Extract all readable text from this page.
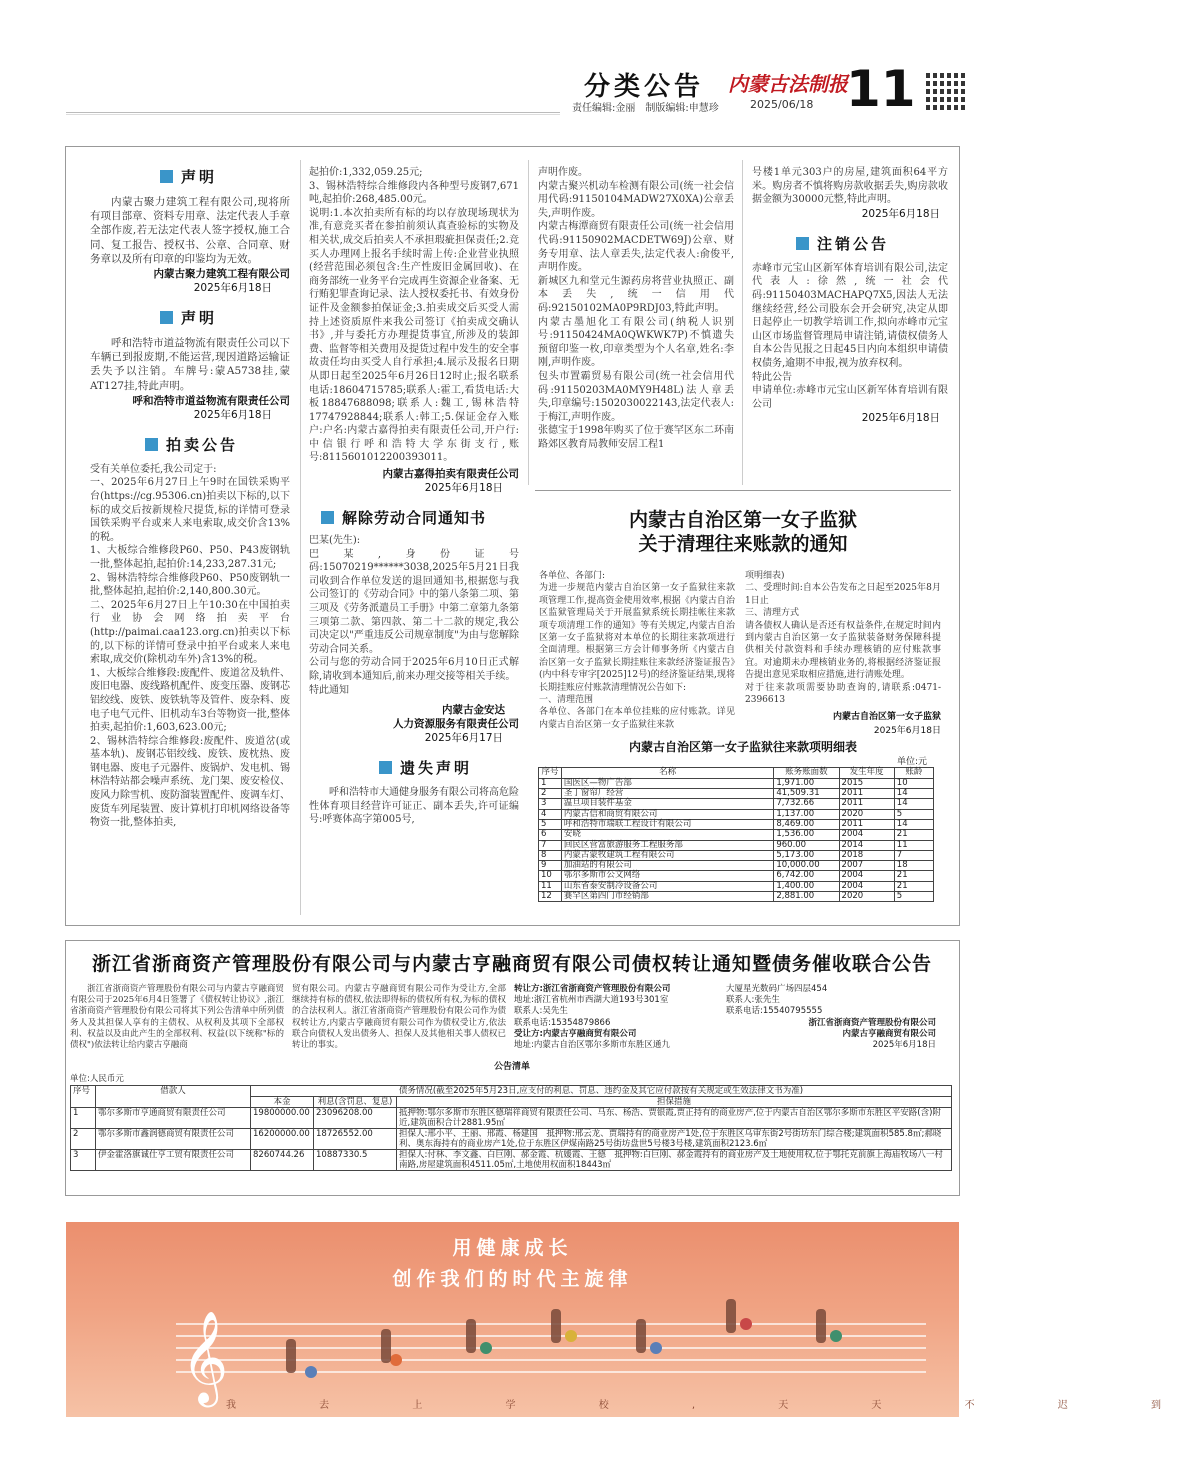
分类公告 内蒙古法制报
11
责任编辑:金丽　制版编辑:申慧珍	2025/06/18
声明
内蒙古聚力建筑工程有限公司,现将所有项目部章、资料专用章、法定代表人手章全部作废,若无法定代表人签字授权,施工合同、复工报告、授权书、公章、合同章、财务章以及所有印章的印鉴均为无效。
内蒙古聚力建筑工程有限公司
2025年6月18日
声明
呼和浩特市道益物流有限责任公司以下车辆已到报废期,不能运营,现因道路运输证丢失予以注销。车牌号:蒙A5738挂,蒙AT127挂,特此声明。
呼和浩特市道益物流有限责任公司
2025年6月18日
拍卖公告
受有关单位委托,我公司定于:
一、2025年6月27日上午9时在国铁采购平台(https://cg.95306.cn)拍卖以下标的,以下标的成交后按新规检尺提货,标的详情可登录国铁采购平台或来人来电索取,成交价含13%的税。
1、大板综合维修段P60、P50、P43废钢轨一批,整体起拍,起拍价:14,233,287.31元;
2、锡林浩特综合维修段P60、P50废钢轨一批,整体起拍,起拍价:2,140,800.30元。
二、2025年6月27日上午10:30在中国拍卖行业协会网络拍卖平台(http://paimai.caa123.org.cn)拍卖以下标的,以下标的详情可登录中拍平台或来人来电索取,成交价(除机动车外)含13%的税。
1、大板综合维修段:废配件、废道岔及轨件、废旧电器、废线路机配件、废变压器、废钢芯铝绞线、废铁、废铁轨等及管件、废杂料、废电子电气元件、旧机动车3台等物资一批,整体拍卖,起拍价:1,603,623.00元;
2、锡林浩特综合维修段:废配件、废道岔(或基本轨)、废钢芯铝绞线、废铁、废枕热、废钢电器、废电子元器件、废锅炉、发电机、锡林浩特站都会噪声系统、龙门架、废安检仪、废风力除雪机、废防溜装置配件、废调车灯、废货车列尾装置、废计算机打印机网络设备等物资一批,整体拍卖,
起拍价:1,332,059.25元;
3、锡林浩特综合维修段内各种型号废钢7,671吨,起拍价:268,485.00元。
说明:1.本次拍卖所有标的均以存放现场现状为准,有意竞买者在参拍前须认真查验标的实物及相关状,成交后拍卖人不承担瑕疵担保责任;2.竞买人办理网上报名手续时需上传:企业营业执照(经营范围必须包含:生产性废旧金属回收)、在商务部统一业务平台完成再生资源企业备案、无行贿犯罪查询记录、法人授权委托书、有效身份证件及金额参拍保证金;3.拍卖成交后买受人需持上述资质原件来我公司签订《拍卖成交确认书》,并与委托方办理提货事宜,所涉及的装卸费、监督等相关费用及提货过程中发生的安全事故责任均由买受人自行承担;4.展示及报名日期从即日起至2025年6月26日12时止;报名联系电话:18604715785;联系人:霍工,看货电话:大板18847688098;联系人:魏工,锡林浩特17747928844;联系人:韩工;5.保证金存入账户:户名:内蒙古嘉得拍卖有限责任公司,开户行:中信银行呼和浩特大学东街支行,账号:8115601012200393011。
内蒙古嘉得拍卖有限责任公司
2025年6月18日
解除劳动合同通知书
巴某(先生):
巴某,身份证号码:15070219******3038,2025年5月21日我司收到合作单位发送的退回通知书,根据您与我公司签订的《劳动合同》中的第八条第二项、第三项及《劳务派遣员工手册》中第二章第九条第三项第二款、第四款、第二十二款的规定,我公司决定以"严重违反公司规章制度"为由与您解除劳动合同关系。
公司与您的劳动合同于2025年6月10日正式解除,请收到本通知后,前来办理交接等相关手续。
特此通知
内蒙古金安达
人力资源服务有限责任公司
2025年6月17日
遗失声明
呼和浩特市大通健身服务有限公司将高危险性体育项目经营许可证正、副本丢失,许可证编号:呼赛体高字第005号,
声明作废。
内蒙古聚兴机动车检测有限公司(统一社会信用代码:91150104MADW27X0XA)公章丢失,声明作废。
内蒙古梅潭商贸有限责任公司(统一社会信用代码:91150902MACDETW69J)公章、财务专用章、法人章丢失,法定代表人:俞俊平,声明作废。
新城区九和堂元生源药房将营业执照正、副本丢失,统一信用代码:92150102MA0P9RDJ03,特此声明。
内蒙古墨旭化工有限公司(纳税人识别号:91150424MA0QWKWK7P)不慎遗失预留印鉴一枚,印章类型为个人名章,姓名:李刚,声明作废。
包头市置霸贸易有限公司(统一社会信用代码:91150203MA0MY9H48L)法人章丢失,印章编号:1502030022143,法定代表人:于梅江,声明作废。
张德宝于1998年购买了位于赛罕区东二环南路郊区教育局教师安居工程1
号楼1单元303户的房屋,建筑面积64平方米。购房者不慎将购房款收据丢失,购房款收据金额为30000元整,特此声明。
2025年6月18日
注销公告
赤峰市元宝山区新军体育培训有限公司,法定代表人:徐然,统一社会代码:91150403MACHAPQ7X5,因法人无法继续经营,经公司股东会开会研究,决定从即日起停止一切教学培训工作,拟向赤峰市元宝山区市场监督管理局申请注销,请债权债务人自本公告见报之日起45日内向本组织申请债权债务,逾期不申报,视为放弃权利。
特此公告
申请单位:赤峰市元宝山区新军体育培训有限公司
2025年6月18日
内蒙古自治区第一女子监狱
关于清理往来账款的通知
各单位、各部门:
为进一步规范内蒙古自治区第一女子监狱往来款项管理工作,提高资金使用效率,根据《内蒙古自治区监狱管理局关于开展监狱系统长期挂帐往来款项专项清理工作的通知》等有关规定,内蒙古自治区第一女子监狱将对本单位的长期往来款项进行全面清理。根据第三方会计师事务所《内蒙古自治区第一女子监狱长期挂账往来款经济鉴证报告》(内中科专审字[2025]12号)的经济鉴证结果,现将长期挂账应付账款清理情况公告如下:
一、清理范围
各单位、各部门在本单位挂账的应付账款。详见内蒙古自治区第一女子监狱往来款
项明细表)
二、受理时间:自本公告发布之日起至2025年8月1日止
三、清理方式
请各债权人确认是否还有权益条件,在规定时间内到内蒙古自治区第一女子监狱装备财务保障科提供相关付款资料和手续办理核销的应付账款事宜。对逾期未办理核销业务的,将根据经济鉴证报告提出意见采取相应措施,进行清账处理。
对于往来款项需要协助查询的,请联系:0471-2396613
内蒙古自治区第一女子监狱
2025年6月18日
内蒙古自治区第一女子监狱往来款项明细表
单位:元
序号	名称	账务账面数	发生年度	账龄
1	国医区—物广告部	1,971.00	2015	10
2	圣丁窗帘厂经营	41,509.31	2011	14
3	温旦项目装件基金	7,732.66	2011	14
4	内蒙古信和商贸有限公司	1,137.00	2020	5
5	呼和浩特市瑞联工程设计有限公司	8,469.00	2011	14
6	安晓	1,536.00	2004	21
7	回民区营富旅游服务工程服务部	960.00	2014	11
8	内蒙古蒙牧建筑工程有限公司	5,173.00	2018	7
9	加油站的有限公司	10,000.00	2007	18
10	鄂尔多斯市公文网络	6,742.00	2004	21
11	山东省泰安制冷设备公司	1,400.00	2004	21
12	赛罕区第四门市经销部	2,881.00	2020	5
浙江省浙商资产管理股份有限公司与内蒙古亨融商贸有限公司债权转让通知暨债务催收联合公告
浙江省浙商资产管理股份有限公司与内蒙古亨融商贸有限公司于2025年6月4日签署了《债权转让协议》,浙江省浙商资产管理股份有限公司将其下列公告清单中所列债务人及其担保人享有的主债权、从权利及其项下全部权利、权益以及由此产生的全部权利、权益(以下统称"标的债权")依法转让给内蒙古亨融商
贸有限公司。内蒙古亨融商贸有限公司作为受让方,全部继续持有标的债权,依法即得标的债权所有权,为标的债权的合法权利人。浙江省浙商资产管理股份有限公司作为债权转让方,内蒙古亨融商贸有限公司作为债权受让方,依法联合向债权人发出债务人、担保人及其他相关事人债权已转让的事实。
转让方:浙江省浙商资产管理股份有限公司
地址:浙江省杭州市西湖大道193号301室
联系人:吴先生
联系电话:15354879866
受让方:内蒙古亨融商贸有限公司
地址:内蒙古自治区鄂尔多斯市东胜区通九
大厦星光数码广场四层454
联系人:张先生
联系电话:15540795555
浙江省浙商资产管理股份有限公司
内蒙古亨融商贸有限公司
2025年6月18日
公告清单
单位:人民币元
序号	借款人	债务情况(截至2025年5月23日,应支付的利息、罚息、违约金及其它应付款按有关规定或生效法律文书为准)		
		本金	利息(含罚息、复息)	担保措施
1	鄂尔多斯市亨通商贸有限责任公司	19800000.00	23096208.00	抵押物:鄂尔多斯市东胜区德瑞祥商贸有限责任公司、马东、杨浩、贾银霞,贾正持有的商业房产,位于内蒙古自治区鄂尔多斯市东胜区平安路(含)附近,建筑面积合计2881.95㎡
2	鄂尔多斯市鑫润德商贸有限责任公司	16200000.00	18726552.00	担保人:邢小平、王丽、邢霞、杨建国　抵押物:邢云龙、贾瑞持有的商业房产1处,位于东胜区乌审东街2号街坊东门综合楼;建筑面积585.8㎡;郝晓利、奥东海持有的商业房产1处,位于东胜区伊煤南路25号街坊盘世5号楼3号楼,建筑面积2123.6㎡
3	伊金霍洛旗诚仕亨工贸有限责任公司	8260744.26	10887330.5	担保人:付林、李文鑫、白巨刚、郝金霞、杭媛霞、王德　抵押物:白巨刚、郝金霞持有的商业房产及土地使用权,位于鄂托克前旗上海庙牧场八一村南路,房屋建筑面积4511.05㎡,土地使用权面积18443㎡
用健康成长
创作我们的时代主旋律
𝄞
我 去 上 学 校 , 天 天 不 迟 到
